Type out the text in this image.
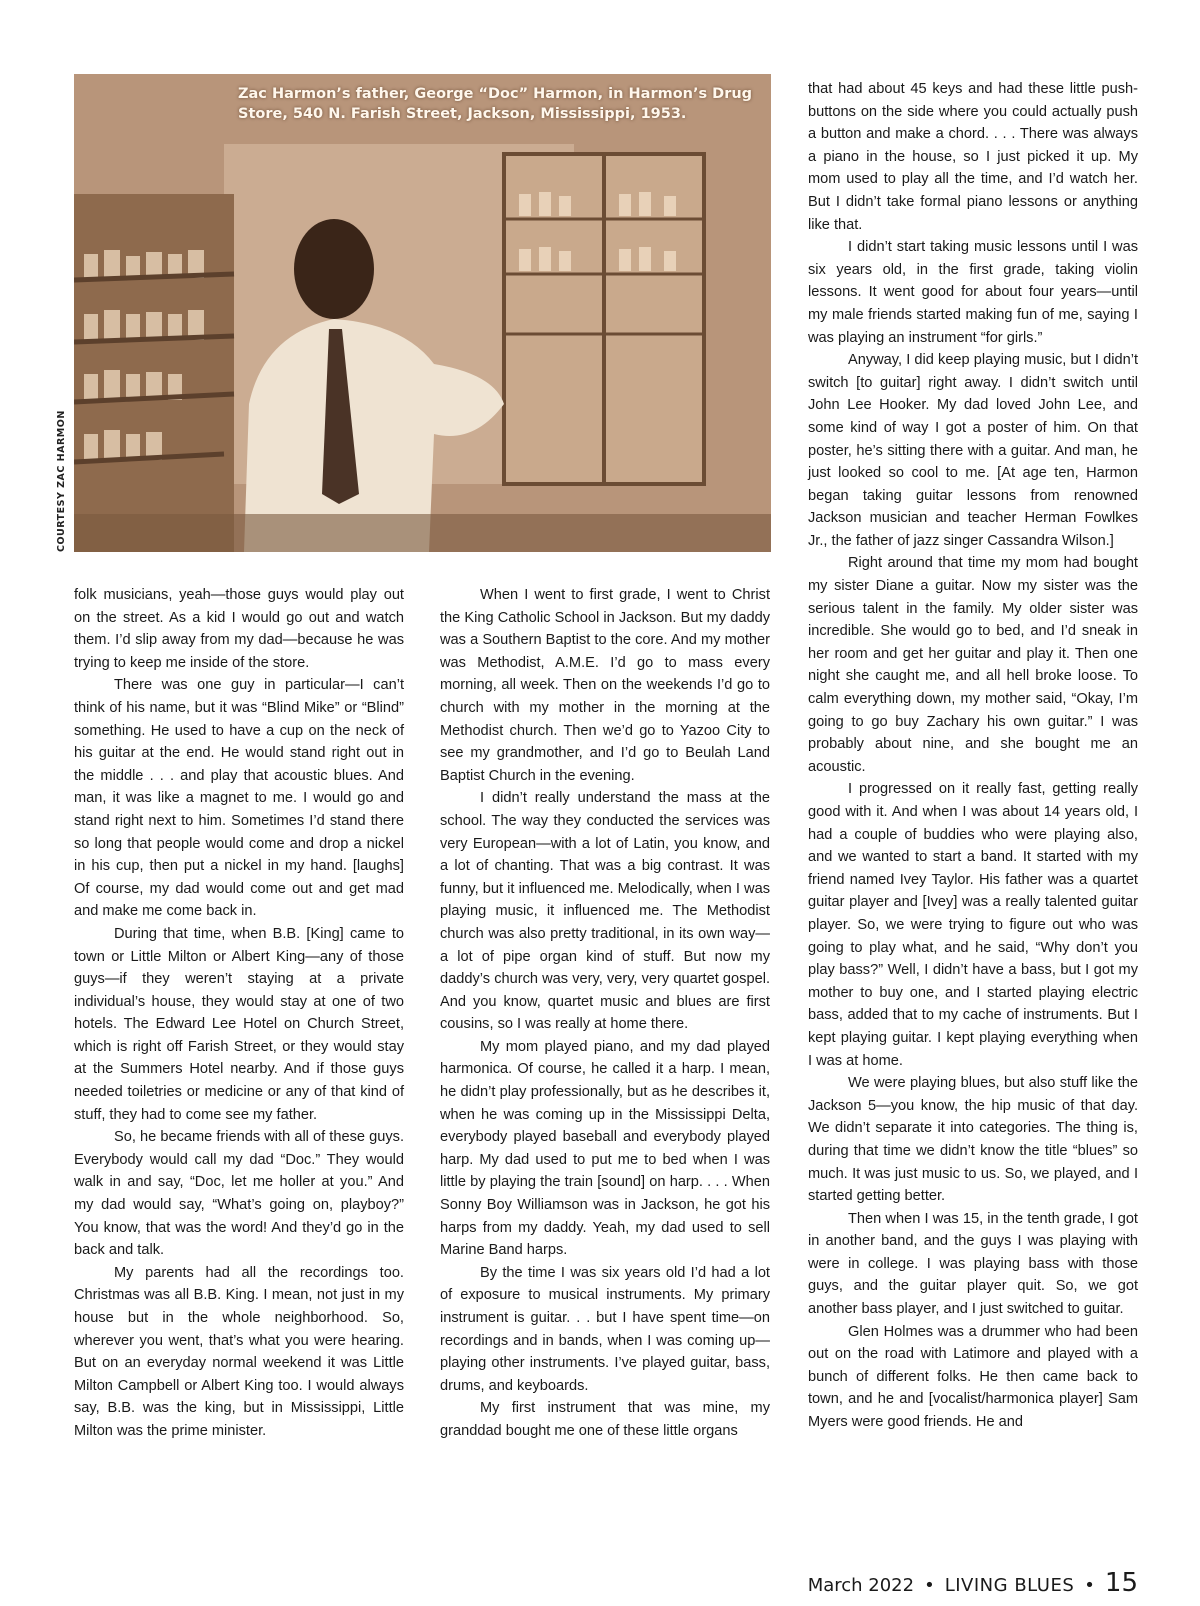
Zac Harmon’s father, George “Doc” Harmon, in Harmon’s Drug Store, 540 N. Farish Street, Jackson, Mississippi, 1953.
COURTESY ZAC HARMON

folk musicians, yeah—those guys would play out on the street. As a kid I would go out and watch them. I’d slip away from my dad—because he was trying to keep me inside of the store.

There was one guy in particular—I can’t think of his name, but it was “Blind Mike” or “Blind” something. He used to have a cup on the neck of his guitar at the end. He would stand right out in the middle . . . and play that acoustic blues. And man, it was like a magnet to me. I would go and stand right next to him. Sometimes I’d stand there so long that people would come and drop a nickel in his cup, then put a nickel in my hand. [laughs] Of course, my dad would come out and get mad and make me come back in.

During that time, when B.B. [King] came to town or Little Milton or Albert King—any of those guys—if they weren’t staying at a private individual’s house, they would stay at one of two hotels. The Edward Lee Hotel on Church Street, which is right off Farish Street, or they would stay at the Summers Hotel nearby. And if those guys needed toiletries or medicine or any of that kind of stuff, they had to come see my father.

So, he became friends with all of these guys. Everybody would call my dad “Doc.” They would walk in and say, “Doc, let me holler at you.” And my dad would say, “What’s going on, playboy?” You know, that was the word! And they’d go in the back and talk.

My parents had all the recordings too. Christmas was all B.B. King. I mean, not just in my house but in the whole neighborhood. So, wherever you went, that’s what you were hearing. But on an everyday normal weekend it was Little Milton Campbell or Albert King too. I would always say, B.B. was the king, but in Mississippi, Little Milton was the prime minister.

When I went to first grade, I went to Christ the King Catholic School in Jackson. But my daddy was a Southern Baptist to the core. And my mother was Methodist, A.M.E. I’d go to mass every morning, all week. Then on the weekends I’d go to church with my mother in the morning at the Methodist church. Then we’d go to Yazoo City to see my grandmother, and I’d go to Beulah Land Baptist Church in the evening.

I didn’t really understand the mass at the school. The way they conducted the services was very European—with a lot of Latin, you know, and a lot of chanting. That was a big contrast. It was funny, but it influenced me. Melodically, when I was playing music, it influenced me. The Methodist church was also pretty traditional, in its own way—a lot of pipe organ kind of stuff. But now my daddy’s church was very, very, very quartet gospel. And you know, quartet music and blues are first cousins, so I was really at home there.

My mom played piano, and my dad played harmonica. Of course, he called it a harp. I mean, he didn’t play professionally, but as he describes it, when he was coming up in the Mississippi Delta, everybody played baseball and everybody played harp. My dad used to put me to bed when I was little by playing the train [sound] on harp. . . . When Sonny Boy Williamson was in Jackson, he got his harps from my daddy. Yeah, my dad used to sell Marine Band harps.

By the time I was six years old I’d had a lot of exposure to musical instruments. My primary instrument is guitar. . . but I have spent time—on recordings and in bands, when I was coming up—playing other instruments. I’ve played guitar, bass, drums, and keyboards.

My first instrument that was mine, my granddad bought me one of these little organs

that had about 45 keys and had these little push-buttons on the side where you could actually push a button and make a chord. . . . There was always a piano in the house, so I just picked it up. My mom used to play all the time, and I’d watch her. But I didn’t take formal piano lessons or anything like that.

I didn’t start taking music lessons until I was six years old, in the first grade, taking violin lessons. It went good for about four years—until my male friends started making fun of me, saying I was playing an instrument “for girls.”

Anyway, I did keep playing music, but I didn’t switch [to guitar] right away. I didn’t switch until John Lee Hooker. My dad loved John Lee, and some kind of way I got a poster of him. On that poster, he’s sitting there with a guitar. And man, he just looked so cool to me. [At age ten, Harmon began taking guitar lessons from renowned Jackson musician and teacher Herman Fowlkes Jr., the father of jazz singer Cassandra Wilson.]

Right around that time my mom had bought my sister Diane a guitar. Now my sister was the serious talent in the family. My older sister was incredible. She would go to bed, and I’d sneak in her room and get her guitar and play it. Then one night she caught me, and all hell broke loose. To calm everything down, my mother said, “Okay, I’m going to go buy Zachary his own guitar.” I was probably about nine, and she bought me an acoustic.

I progressed on it really fast, getting really good with it. And when I was about 14 years old, I had a couple of buddies who were playing also, and we wanted to start a band. It started with my friend named Ivey Taylor. His father was a quartet guitar player and [Ivey] was a really talented guitar player. So, we were trying to figure out who was going to play what, and he said, “Why don’t you play bass?” Well, I didn’t have a bass, but I got my mother to buy one, and I started playing electric bass, added that to my cache of instruments. But I kept playing guitar. I kept playing everything when I was at home.

We were playing blues, but also stuff like the Jackson 5—you know, the hip music of that day. We didn’t separate it into categories. The thing is, during that time we didn’t know the title “blues” so much. It was just music to us. So, we played, and I started getting better.

Then when I was 15, in the tenth grade, I got in another band, and the guys I was playing with were in college. I was playing bass with those guys, and the guitar player quit. So, we got another bass player, and I just switched to guitar.

Glen Holmes was a drummer who had been out on the road with Latimore and played with a bunch of different folks. He then came back to town, and he and [vocalist/harmonica player] Sam Myers were good friends. He and

March 2022 • LIVING BLUES • 15
